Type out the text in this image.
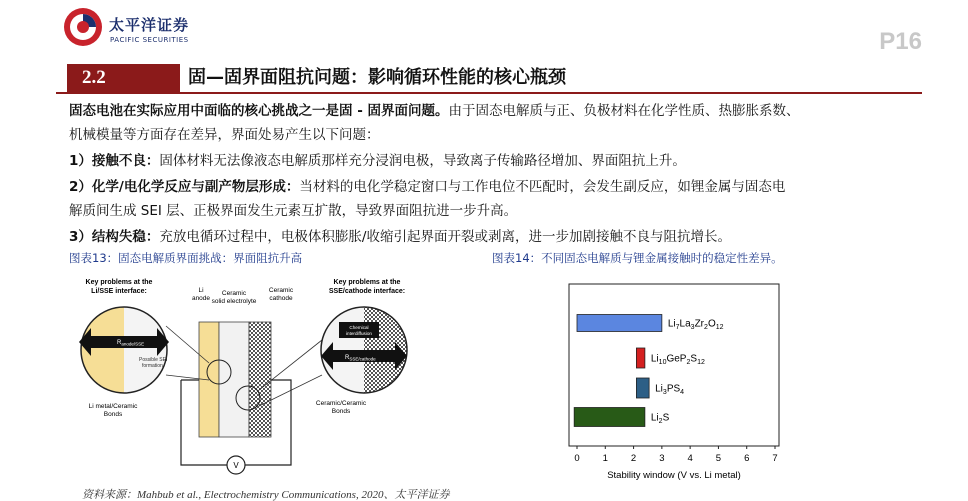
太平洋证券
PACIFIC SECURITIES	P16
2.2	固—固界面阻抗问题：影响循环性能的核心瓶颈
固态电池在实际应用中面临的核心挑战之一是固 - 固界面问题。由于固态电解质与正、负极材料在化学性质、热膨胀系数、
机械模量等方面存在差异，界面处易产生以下问题：
1）接触不良：固体材料无法像液态电解质那样充分浸润电极，导致离子传输路径增加、界面阻抗上升。
2）化学/电化学反应与副产物层形成：当材料的电化学稳定窗口与工作电位不匹配时，会发生副反应，如锂金属与固态电
解质间生成 SEI 层、正极界面发生元素互扩散，导致界面阻抗进一步升高。
3）结构失稳：充放电循环过程中，电极体积膨胀/收缩引起界面开裂或剥离，进一步加剧接触不良与阻抗增长。
图表13：固态电解质界面挑战：界面阻抗升高	图表14：不同固态电解质与锂金属接触时的稳定性差异。
Key problems at the
Li/SSE interface:
$R_{anode/SSE}$
Possible SEI
formation
Li metal/Ceramic
Bonds
Li
anode
Ceramic
solid electrolyte
Ceramic
cathode
V
Key problems at the
SSE/cathode interface:
Chemical
interdiffusion
$R_{SSE/cathode}$
Ceramic/Ceramic
Bonds
$Li_7La_3Zr_2O_{12}$
$Li_{10}GeP_2S_{12}$
$Li_3PS_4$
$Li_2S$
0 1 2 3 4 5 6 7
Stability window (V vs. Li metal)
资料来源：Mahbub et al., Electrochemistry Communications, 2020、太平洋证券
